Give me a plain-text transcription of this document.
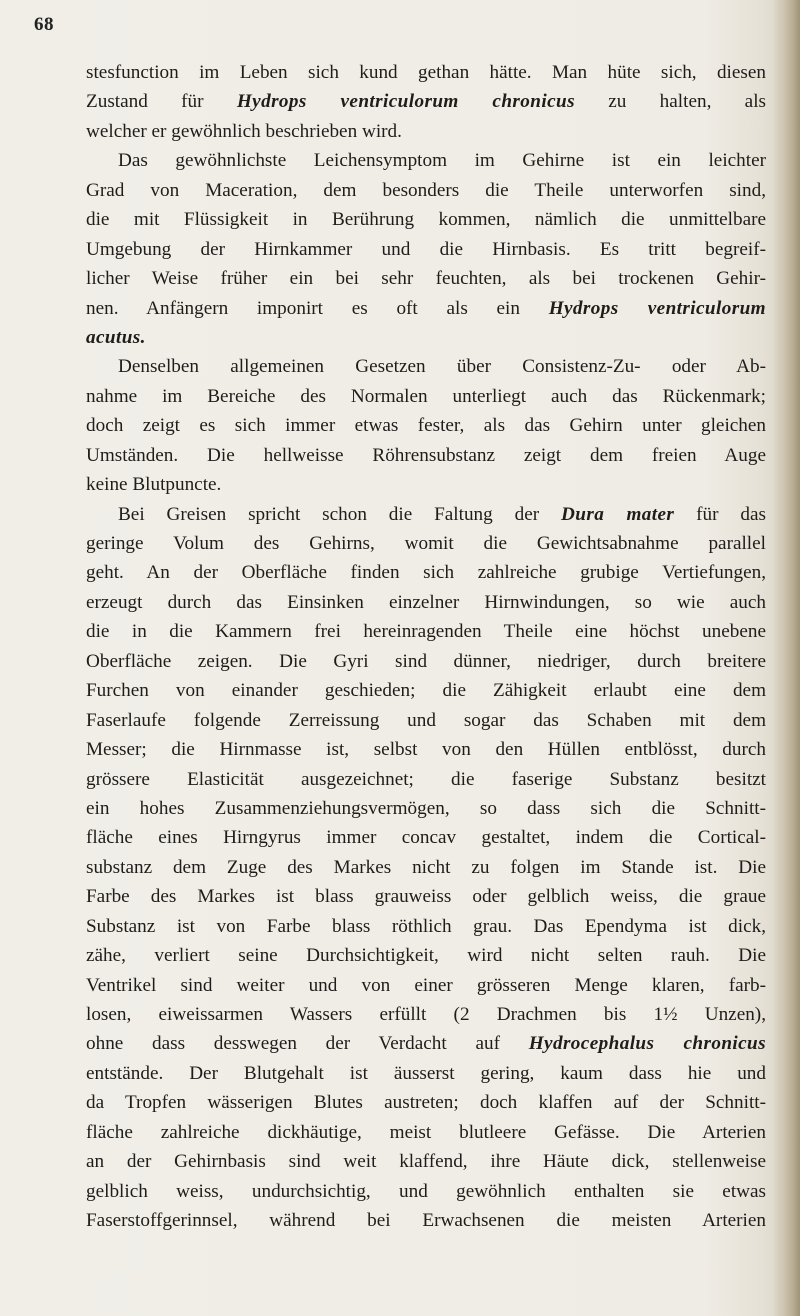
68
stesfunction im Leben sich kund gethan hätte. Man hüte sich, diesen
Zustand für Hydrops ventriculorum chronicus zu halten, als
welcher er gewöhnlich beschrieben wird.
Das gewöhnlichste Leichensymptom im Gehirne ist ein leichter
Grad von Maceration, dem besonders die Theile unterworfen sind,
die mit Flüssigkeit in Berührung kommen, nämlich die unmittelbare
Umgebung der Hirnkammer und die Hirnbasis. Es tritt begreif-
licher Weise früher ein bei sehr feuchten, als bei trockenen Gehir-
nen. Anfängern imponirt es oft als ein Hydrops ventriculorum
acutus.
Denselben allgemeinen Gesetzen über Consistenz-Zu- oder Ab-
nahme im Bereiche des Normalen unterliegt auch das Rückenmark;
doch zeigt es sich immer etwas fester, als das Gehirn unter gleichen
Umständen. Die hellweisse Röhrensubstanz zeigt dem freien Auge
keine Blutpuncte.
Bei Greisen spricht schon die Faltung der Dura mater für das
geringe Volum des Gehirns, womit die Gewichtsabnahme parallel
geht. An der Oberfläche finden sich zahlreiche grubige Vertiefungen,
erzeugt durch das Einsinken einzelner Hirnwindungen, so wie auch
die in die Kammern frei hereinragenden Theile eine höchst unebene
Oberfläche zeigen. Die Gyri sind dünner, niedriger, durch breitere
Furchen von einander geschieden; die Zähigkeit erlaubt eine dem
Faserlaufe folgende Zerreissung und sogar das Schaben mit dem
Messer; die Hirnmasse ist, selbst von den Hüllen entblösst, durch
grössere Elasticität ausgezeichnet; die faserige Substanz besitzt
ein hohes Zusammenziehungsvermögen, so dass sich die Schnitt-
fläche eines Hirngyrus immer concav gestaltet, indem die Cortical-
substanz dem Zuge des Markes nicht zu folgen im Stande ist. Die
Farbe des Markes ist blass grauweiss oder gelblich weiss, die graue
Substanz ist von Farbe blass röthlich grau. Das Ependyma ist dick,
zähe, verliert seine Durchsichtigkeit, wird nicht selten rauh. Die
Ventrikel sind weiter und von einer grösseren Menge klaren, farb-
losen, eiweissarmen Wassers erfüllt (2 Drachmen bis 1½ Unzen),
ohne dass desswegen der Verdacht auf Hydrocephalus chronicus
entstände. Der Blutgehalt ist äusserst gering, kaum dass hie und
da Tropfen wässerigen Blutes austreten; doch klaffen auf der Schnitt-
fläche zahlreiche dickhäutige, meist blutleere Gefässe. Die Arterien
an der Gehirnbasis sind weit klaffend, ihre Häute dick, stellenweise
gelblich weiss, undurchsichtig, und gewöhnlich enthalten sie etwas
Faserstoffgerinnsel, während bei Erwachsenen die meisten Arterien
